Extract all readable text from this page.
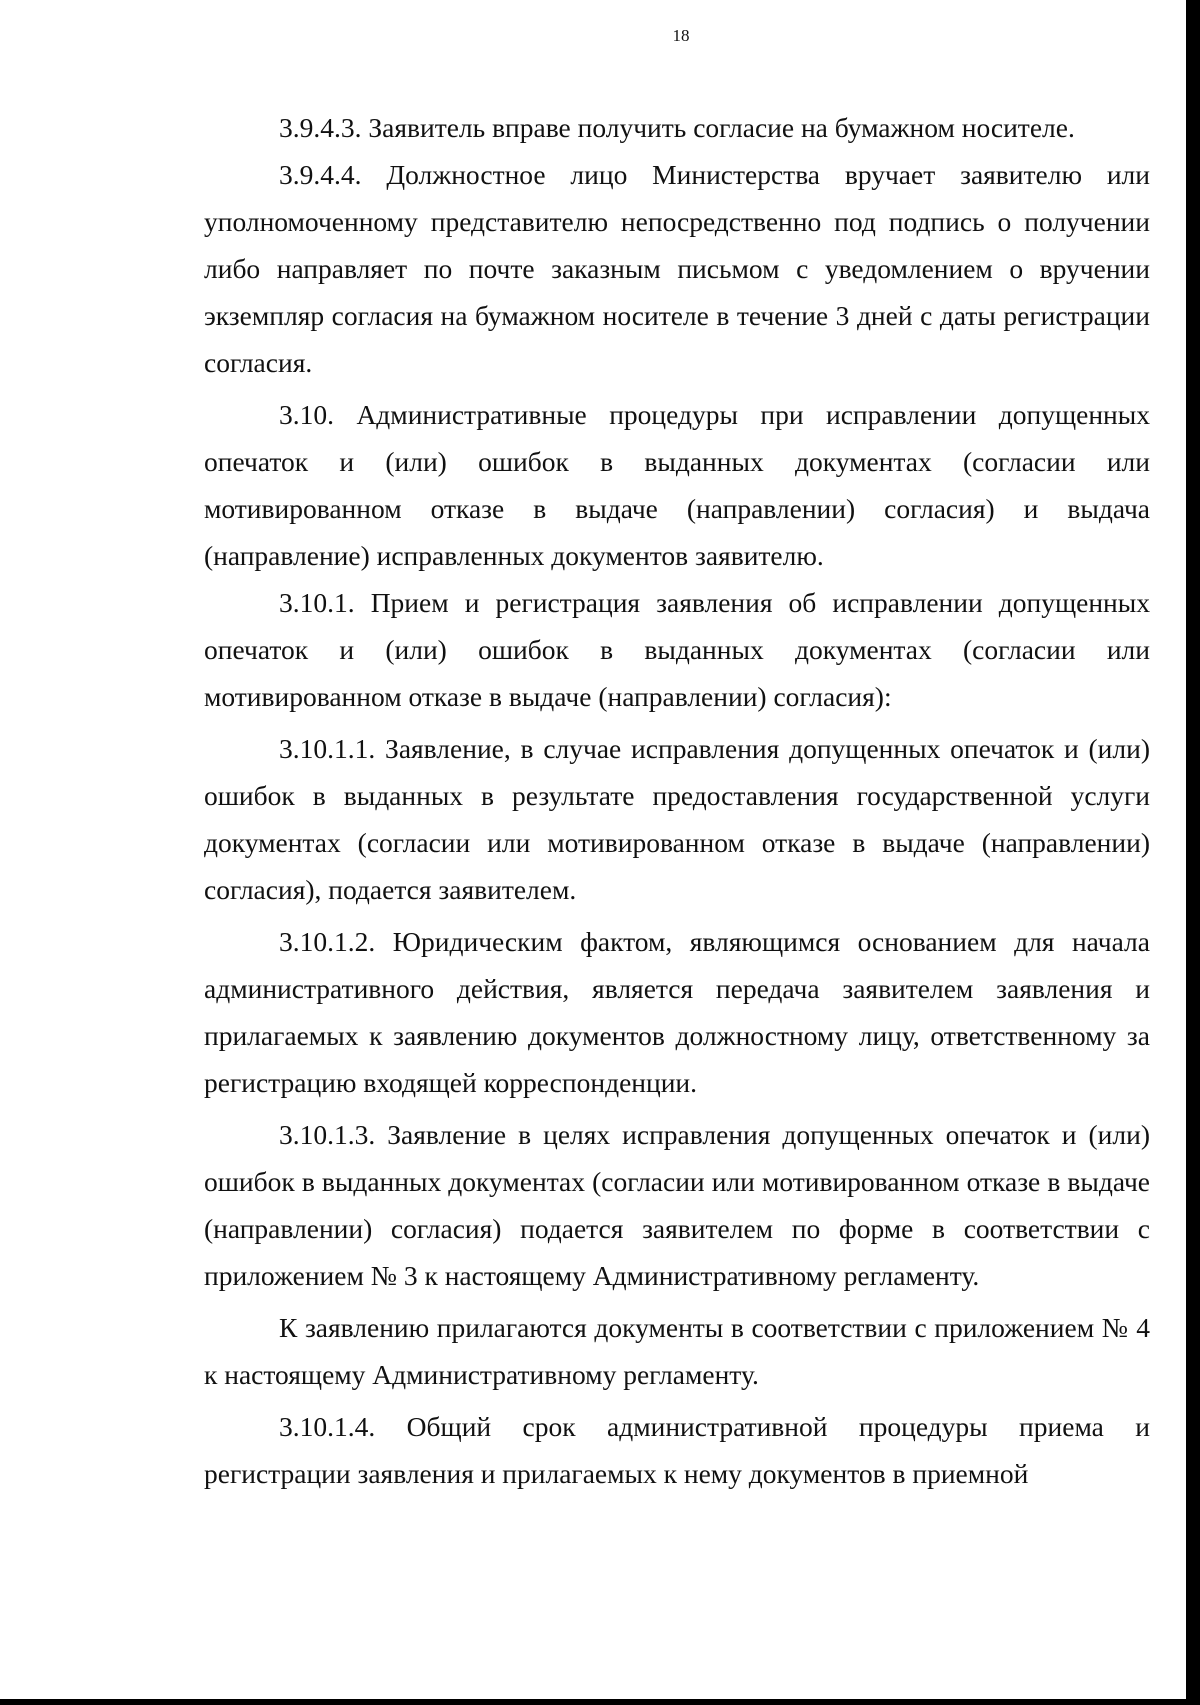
18

3.9.4.3. Заявитель вправе получить согласие на бумажном носителе.

3.9.4.4. Должностное лицо Министерства вручает заявителю или уполномоченному представителю непосредственно под подпись о получении либо направляет по почте заказным письмом с уведомлением о вручении экземпляр согласия на бумажном носителе в течение 3 дней с даты регистрации согласия.

3.10. Административные процедуры при исправлении допущенных опечаток и (или) ошибок в выданных документах (согласии или мотивированном отказе в выдаче (направлении) согласия) и выдача (направление) исправленных документов заявителю.

3.10.1. Прием и регистрация заявления об исправлении допущенных опечаток и (или) ошибок в выданных документах (согласии или мотивированном отказе в выдаче (направлении) согласия):

3.10.1.1. Заявление, в случае исправления допущенных опечаток и (или) ошибок в выданных в результате предоставления государственной услуги документах (согласии или мотивированном отказе в выдаче (направлении) согласия), подается заявителем.

3.10.1.2. Юридическим фактом, являющимся основанием для начала административного действия, является передача заявителем заявления и прилагаемых к заявлению документов должностному лицу, ответственному за регистрацию входящей корреспонденции.

3.10.1.3. Заявление в целях исправления допущенных опечаток и (или) ошибок в выданных документах (согласии или мотивированном отказе в выдаче (направлении) согласия) подается заявителем по форме в соответствии с приложением № 3 к настоящему Административному регламенту.

К заявлению прилагаются документы в соответствии с приложением № 4 к настоящему Административному регламенту.

3.10.1.4. Общий срок административной процедуры приема и регистрации заявления и прилагаемых к нему документов в приемной
